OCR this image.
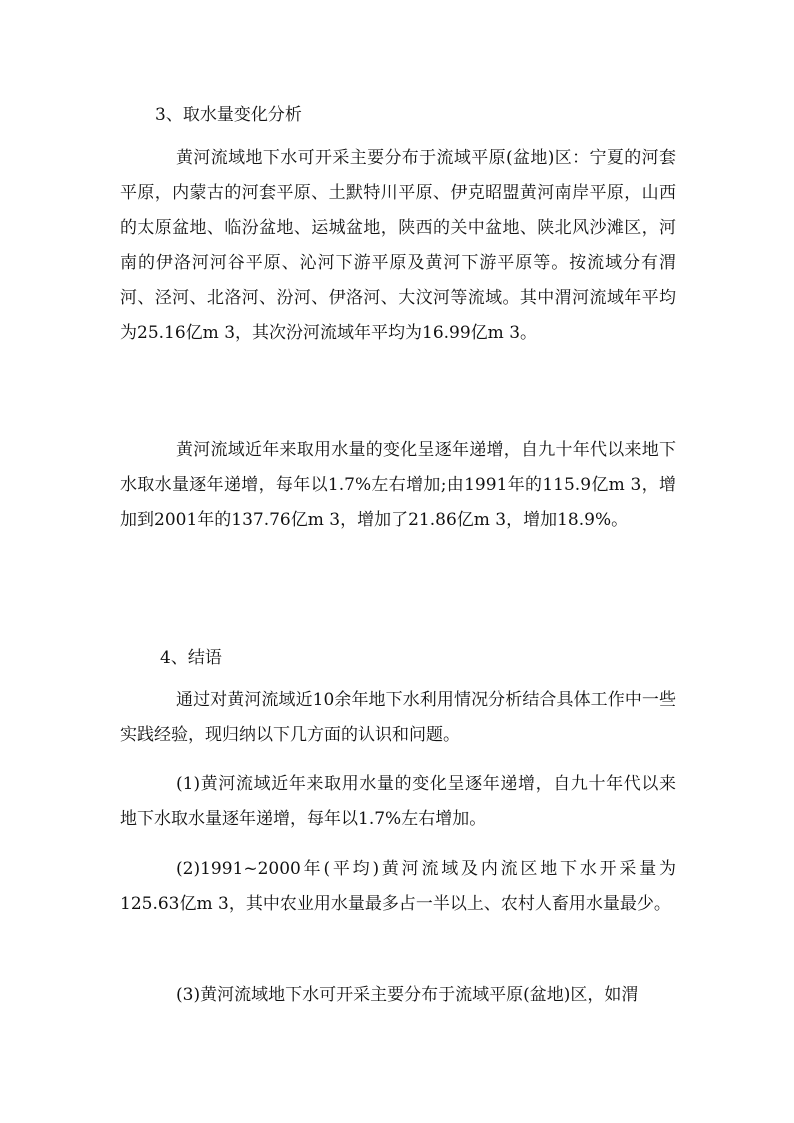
3、取水量变化分析

黄河流域地下水可开采主要分布于流域平原(盆地)区：宁夏的河套平原，内蒙古的河套平原、土默特川平原、伊克昭盟黄河南岸平原，山西的太原盆地、临汾盆地、运城盆地，陕西的关中盆地、陕北风沙滩区，河南的伊洛河河谷平原、沁河下游平原及黄河下游平原等。按流域分有渭河、泾河、北洛河、汾河、伊洛河、大汶河等流域。其中渭河流域年平均为25.16亿m 3，其次汾河流域年平均为16.99亿m 3。

黄河流域近年来取用水量的变化呈逐年递增，自九十年代以来地下水取水量逐年递增，每年以1.7%左右增加;由1991年的115.9亿m 3，增加到2001年的137.76亿m 3，增加了21.86亿m 3，增加18.9%。

4、结语

通过对黄河流域近10余年地下水利用情况分析结合具体工作中一些实践经验，现归纳以下几方面的认识和问题。

(1)黄河流域近年来取用水量的变化呈逐年递增，自九十年代以来地下水取水量逐年递增，每年以1.7%左右增加。

(2)1991~2000年(平均)黄河流域及内流区地下水开采量为125.63亿m 3，其中农业用水量最多占一半以上、农村人畜用水量最少。

(3)黄河流域地下水可开采主要分布于流域平原(盆地)区，如渭
